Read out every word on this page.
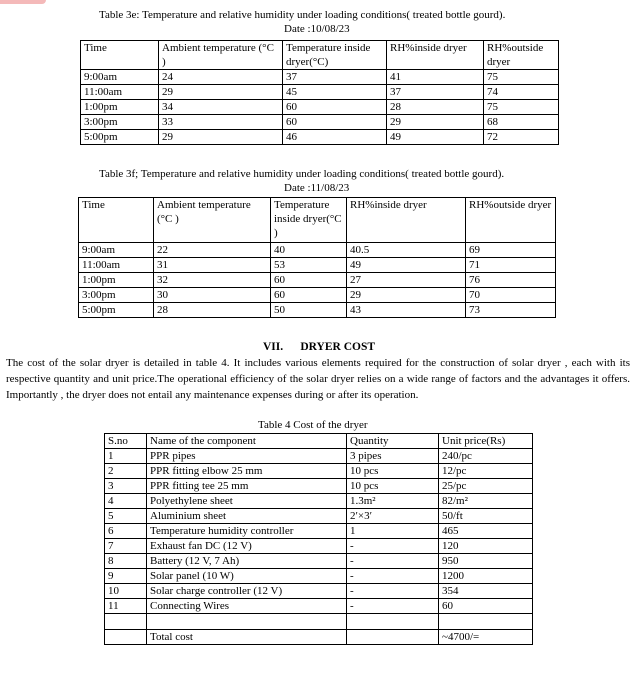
Table 3e: Temperature and relative humidity under loading conditions( treated bottle gourd).
Date :10/08/23
Time	Ambient temperature (°C )	Temperature inside dryer(°C)	RH%inside dryer	RH%outside dryer
9:00am	24	37	41	75
11:00am	29	45	37	74
1:00pm	34	60	28	75
3:00pm	33	60	29	68
5:00pm	29	46	49	72
Table 3f; Temperature and relative humidity under loading conditions( treated bottle gourd).
Date :11/08/23
Time	Ambient temperature (°C )	Temperature inside dryer(°C )	RH%inside dryer	RH%outside dryer
9:00am	22	40	40.5	69
11:00am	31	53	49	71
1:00pm	32	60	27	76
3:00pm	30	60	29	70
5:00pm	28	50	43	73
VII. DRYER COST
The cost of the solar dryer is detailed in table 4. It includes various elements required for the construction of solar dryer , each with its respective quantity and unit price.The operational efficiency of the solar dryer relies on a wide range of factors and the advantages it offers. Importantly , the dryer does not entail any maintenance expenses during or after its operation.
Table 4 Cost of the dryer
S.no	Name of the component	Quantity	Unit price(Rs)
1	PPR pipes	3 pipes	240/pc
2	PPR fitting elbow 25 mm	10 pcs	12/pc
3	PPR fitting tee 25 mm	10 pcs	25/pc
4	Polyethylene sheet	1.3m²	82/m²
5	Aluminium sheet	2ʹ×3ʹ	50/ft
6	Temperature humidity controller	1	465
7	Exhaust fan DC (12 V)	-	120
8	Battery (12 V, 7 Ah)	-	950
9	Solar panel (10 W)	-	1200
10	Solar charge controller (12 V)	-	354
11	Connecting Wires	-	60

	Total cost		~4700/=
